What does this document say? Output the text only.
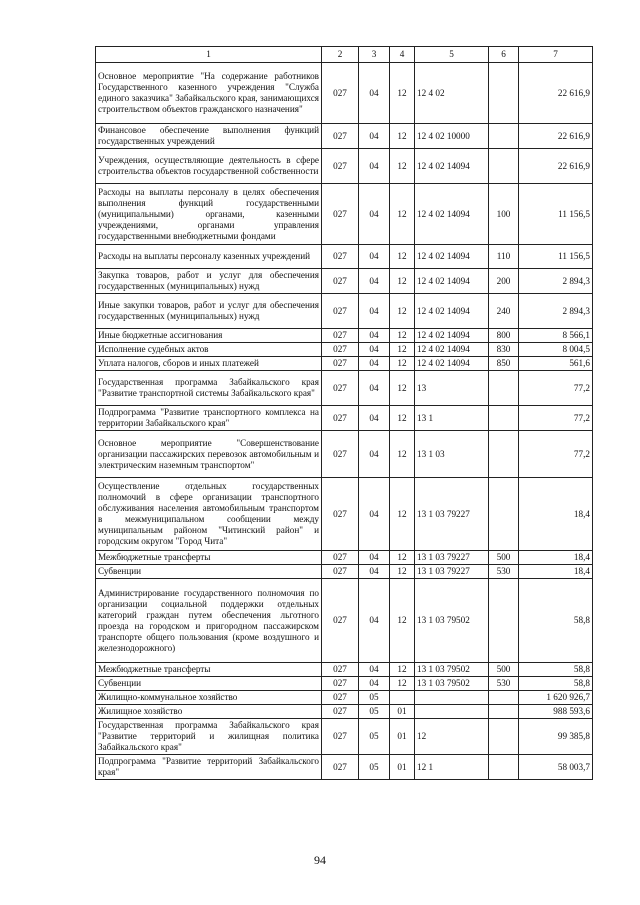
1	2	3	4	5	6	7
Основное мероприятие "На содержание работников Государственного казенного учреждения "Служба единого заказчика" Забайкальского края, занимающихся строительством объектов гражданского назначения"	027	04	12	12 4 02		22 616,9
Финансовое обеспечение выполнения функций государственных учреждений	027	04	12	12 4 02 10000		22 616,9
Учреждения, осуществляющие деятельность в сфере строительства объектов государственной собственности	027	04	12	12 4 02 14094		22 616,9
Расходы на выплаты персоналу в целях обеспечения выполнения функций государственными (муниципальными) органами, казенными учреждениями, органами управления государственными внебюджетными фондами	027	04	12	12 4 02 14094	100	11 156,5
Расходы на выплаты персоналу казенных учреждений	027	04	12	12 4 02 14094	110	11 156,5
Закупка товаров, работ и услуг для обеспечения государственных (муниципальных) нужд	027	04	12	12 4 02 14094	200	2 894,3
Иные закупки товаров, работ и услуг для обеспечения государственных (муниципальных) нужд	027	04	12	12 4 02 14094	240	2 894,3
Иные бюджетные ассигнования	027	04	12	12 4 02 14094	800	8 566,1
Исполнение судебных актов	027	04	12	12 4 02 14094	830	8 004,5
Уплата налогов, сборов и иных платежей	027	04	12	12 4 02 14094	850	561,6
Государственная программа Забайкальского края "Развитие транспортной системы Забайкальского края"	027	04	12	13		77,2
Подпрограмма "Развитие транспортного комплекса на территории Забайкальского края"	027	04	12	13 1		77,2
Основное мероприятие "Совершенствование организации пассажирских перевозок автомобильным и электрическим наземным транспортом"	027	04	12	13 1 03		77,2
Осуществление отдельных государственных полномочий в сфере организации транспортного обслуживания населения автомобильным транспортом в межмуниципальном сообщении между муниципальным районом "Читинский район" и городским округом "Город Чита"	027	04	12	13 1 03 79227		18,4
Межбюджетные трансферты	027	04	12	13 1 03 79227	500	18,4
Субвенции	027	04	12	13 1 03 79227	530	18,4
Администрирование государственного полномочия по организации социальной поддержки отдельных категорий граждан путем обеспечения льготного проезда на городском и пригородном пассажирском транспорте общего пользования (кроме воздушного и железнодорожного)	027	04	12	13 1 03 79502		58,8
Межбюджетные трансферты	027	04	12	13 1 03 79502	500	58,8
Субвенции	027	04	12	13 1 03 79502	530	58,8
Жилищно-коммунальное хозяйство	027	05				1 620 926,7
Жилищное хозяйство	027	05	01			988 593,6
Государственная программа Забайкальского края "Развитие территорий и жилищная политика Забайкальского края"	027	05	01	12		99 385,8
Подпрограмма "Развитие территорий Забайкальского края"	027	05	01	12 1		58 003,7
94
